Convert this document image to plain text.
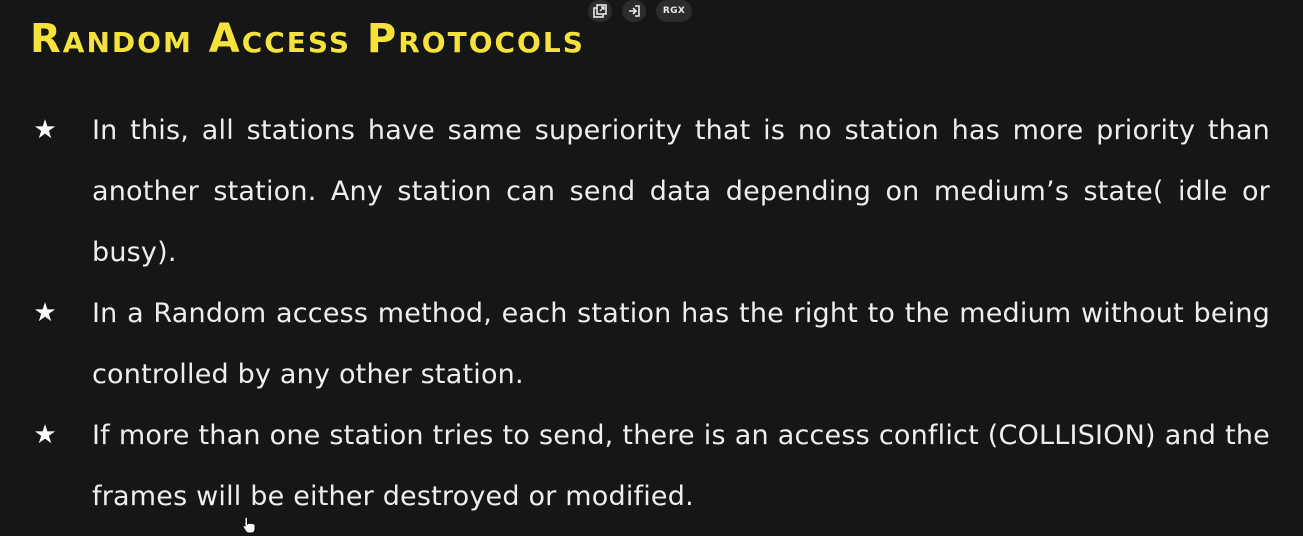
Random Access Protocols
RGX
★ In this, all stations have same superiority that is no station has more priority than another station. Any station can send data depending on medium’s state( idle or busy).
★ In a Random access method, each station has the right to the medium without being controlled by any other station.
★ If more than one station tries to send, there is an access conflict (COLLISION) and the frames will be either destroyed or modified.
